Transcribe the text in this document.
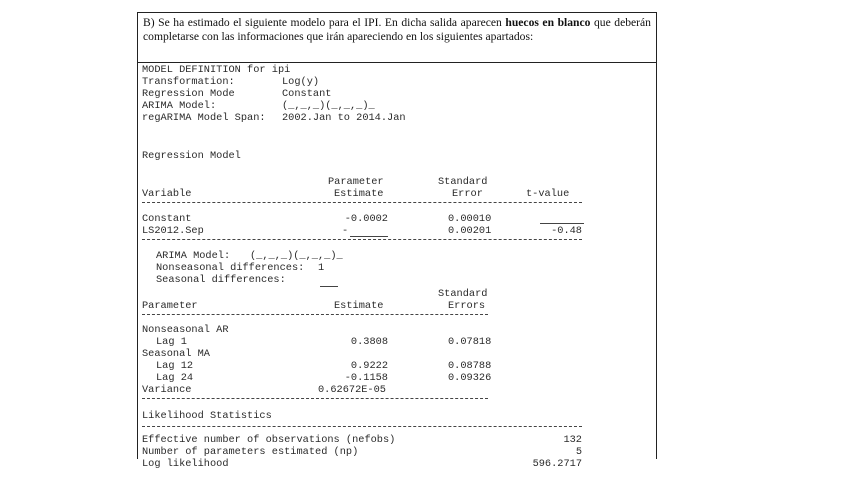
B) Se ha estimado el siguiente modelo para el IPI. En dicha salida aparecen huecos en blanco que deberán completarse con las informaciones que irán apareciendo en los siguientes apartados:
MODEL DEFINITION for ipi
Transformation:	Log(y)
Regression Mode	Constant
ARIMA Model:	(_,_,_)(_,_,_)_
regARIMA Model Span: 2002.Jan to 2014.Jan
Regression Model
Parameter	Standard
Variable	Estimate	Error	t-value
Constant	-0.0002	0.00010
LS2012.Sep	-	0.00201	-0.48
ARIMA Model: (_,_,_)(_,_,_)_
Nonseasonal differences: 1
Seasonal differences:
Standard
Parameter	Estimate	Errors
Nonseasonal AR
Lag 1	0.3808	0.07818
Seasonal MA
Lag 12	0.9222	0.08788
Lag 24	-0.1158	0.09326
Variance	0.62672E-05
Likelihood Statistics
Effective number of observations (nefobs)	132
Number of parameters estimated (np)	5
Log likelihood	596.2717
